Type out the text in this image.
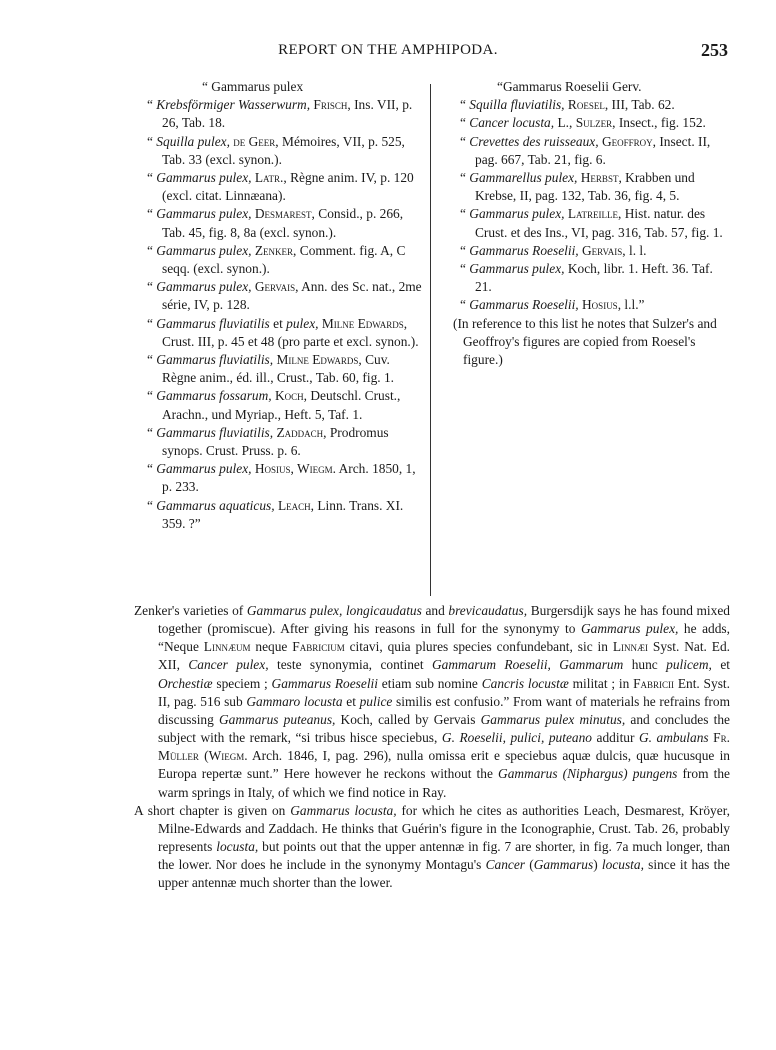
REPORT ON THE AMPHIPODA.	253
“ Gammarus pulex
“ Krebsförmiger Wasserwurm, Frisch, Ins. VII, p. 26, Tab. 18.
“ Squilla pulex, de Geer, Mémoires, VII, p. 525, Tab. 33 (excl. synon.).
“ Gammarus pulex, Latr., Règne anim. IV, p. 120 (excl. citat. Linnæana).
“ Gammarus pulex, Desmarest, Consid., p. 266, Tab. 45, fig. 8, 8a (excl. synon.).
“ Gammarus pulex, Zenker, Comment. fig. A, C seqq. (excl. synon.).
“ Gammarus pulex, Gervais, Ann. des Sc. nat., 2me série, IV, p. 128.
“ Gammarus fluviatilis et pulex, Milne Edwards, Crust. III, p. 45 et 48 (pro parte et excl. synon.).
“ Gammarus fluviatilis, Milne Edwards, Cuv. Règne anim., éd. ill., Crust., Tab. 60, fig. 1.
“ Gammarus fossarum, Koch, Deutschl. Crust., Arachn., und Myriap., Heft. 5, Taf. 1.
“ Gammarus fluviatilis, Zaddach, Prodromus synops. Crust. Pruss. p. 6.
“ Gammarus pulex, Hosius, Wiegm. Arch. 1850, 1, p. 233.
“ Gammarus aquaticus, Leach, Linn. Trans. XI. 359. ?”
“Gammarus Roeselii Gerv.
“ Squilla fluviatilis, Roesel, III, Tab. 62.
“ Cancer locusta, L., Sulzer, Insect., fig. 152.
“ Crevettes des ruisseaux, Geoffroy, Insect. II, pag. 667, Tab. 21, fig. 6.
“ Gammarellus pulex, Herbst, Krabben und Krebse, II, pag. 132, Tab. 36, fig. 4, 5.
“ Gammarus pulex, Latreille, Hist. natur. des Crust. et des Ins., VI, pag. 316, Tab. 57, fig. 1.
“ Gammarus Roeselii, Gervais, l. l.
“ Gammarus pulex, Koch, libr. 1. Heft. 36. Taf. 21.
“ Gammarus Roeselii, Hosius, l.l.”
(In reference to this list he notes that Sulzer's and Geoffroy's figures are copied from Roesel's figure.)
Zenker's varieties of Gammarus pulex, longicaudatus and brevicaudatus, Burgersdijk says he has found mixed together (promiscue). After giving his reasons in full for the synonymy to Gammarus pulex, he adds, “Neque Linnæum neque Fabricium citavi, quia plures species confundebant, sic in Linnæi Syst. Nat. Ed. XII, Cancer pulex, teste synonymia, continet Gammarum Roeselii, Gammarum hunc pulicem, et Orchestiæ speciem ; Gammarus Roeselii etiam sub nomine Cancris locustæ militat ; in Fabricii Ent. Syst. II, pag. 516 sub Gammaro locusta et pulice similis est confusio.” From want of materials he refrains from discussing Gammarus puteanus, Koch, called by Gervais Gammarus pulex minutus, and concludes the subject with the remark, “si tribus hisce speciebus, G. Roeselii, pulici, puteano additur G. ambulans Fr. Müller (Wiegm. Arch. 1846, I, pag. 296), nulla omissa erit e speciebus aquæ dulcis, quæ hucusque in Europa repertæ sunt.” Here however he reckons without the Gammarus (Niphargus) pungens from the warm springs in Italy, of which we find notice in Ray.
A short chapter is given on Gammarus locusta, for which he cites as authorities Leach, Desmarest, Kröyer, Milne-Edwards and Zaddach. He thinks that Guérin's figure in the Iconographie, Crust. Tab. 26, probably represents locusta, but points out that the upper antennæ in fig. 7 are shorter, in fig. 7a much longer, than the lower. Nor does he include in the synonymy Montagu's Cancer (Gammarus) locusta, since it has the upper antennæ much shorter than the lower.
